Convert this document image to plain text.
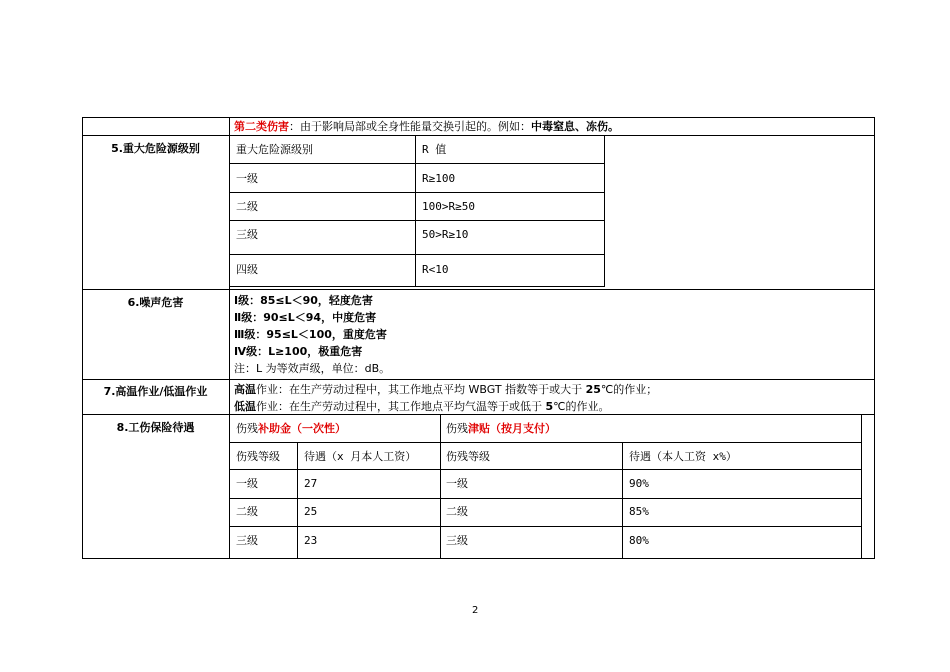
第二类伤害：由于影响局部或全身性能量交换引起的。例如：中毒窒息、冻伤。
5.重大危险源级别	重大危险源级别	R 值
一级	R≥100
二级	100>R≥50
三级	50>R≥10
四级	R<10
6.噪声危害	Ⅰ级：85≤L＜90，轻度危害
Ⅱ级：90≤L＜94，中度危害
Ⅲ级：95≤L＜100，重度危害
Ⅳ级：L≥100，极重危害
注：L 为等效声级，单位：dB。
7.高温作业/低温作业	高温作业：在生产劳动过程中，其工作地点平均 WBGT 指数等于或大于 25℃的作业；
低温作业：在生产劳动过程中，其工作地点平均气温等于或低于 5℃的作业。
8.工伤保险待遇	伤残补助金（一次性）	伤残津贴（按月支付）
伤残等级 待遇（x 月本人工资）	伤残等级	待遇（本人工资 x%）
一级	27	一级	90%
二级	25	二级	85%
三级	23	三级	80%
2
